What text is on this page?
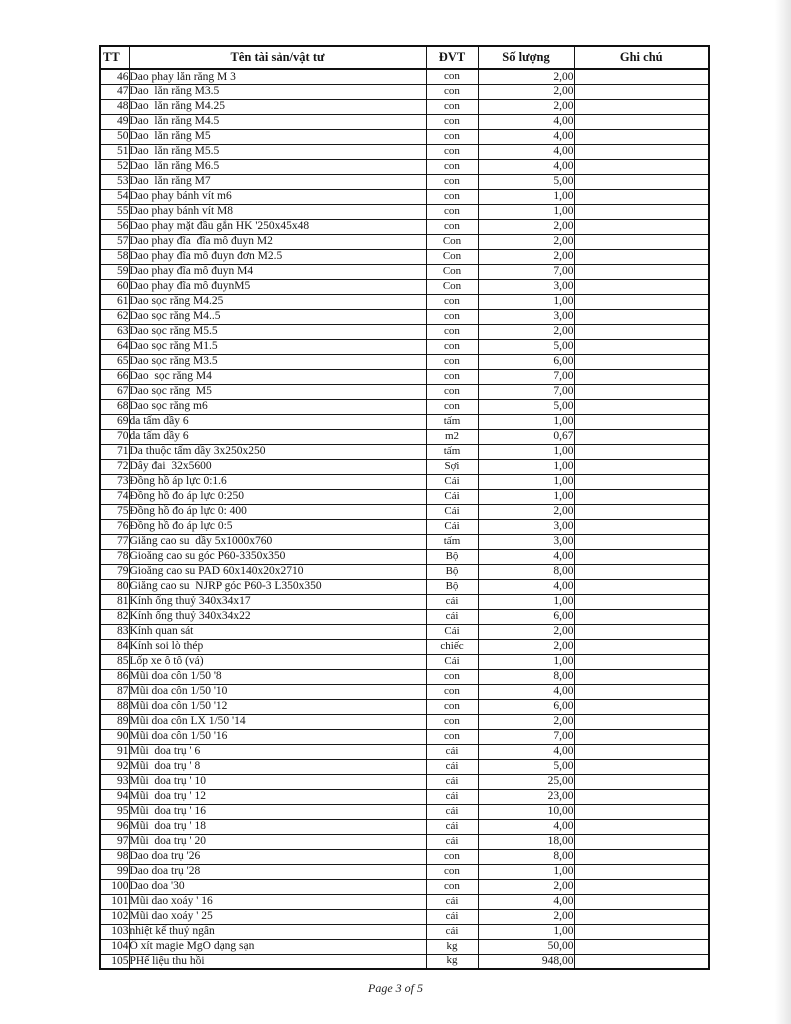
TT	Tên tài sản/vật tư	ĐVT	Số lượng	Ghi chú
46	Dao phay lăn răng M 3	con	2,00	
47	Dao  lăn răng M3.5	con	2,00	
48	Dao  lăn răng M4.25	con	2,00	
49	Dao  lăn răng M4.5	con	4,00	
50	Dao  lăn răng M5	con	4,00	
51	Dao  lăn răng M5.5	con	4,00	
52	Dao  lăn răng M6.5	con	4,00	
53	Dao  lăn răng M7	con	5,00	
54	Dao phay bánh vít m6	con	1,00	
55	Dao phay bánh vít M8	con	1,00	
56	Dao phay mặt đầu gắn HK '250x45x48	con	2,00	
57	Dao phay đĩa  đĩa mô đuyn M2	Con	2,00	
58	Dao phay đĩa mô đuyn đơn M2.5	Con	2,00	
59	Dao phay đĩa mô đuyn M4	Con	7,00	
60	Dao phay đĩa mô đuynM5	Con	3,00	
61	Dao sọc răng M4.25	con	1,00	
62	Dao sọc răng M4..5	con	3,00	
63	Dao sọc răng M5.5	con	2,00	
64	Dao sọc răng M1.5	con	5,00	
65	Dao sọc răng M3.5	con	6,00	
66	Dao  sọc răng M4	con	7,00	
67	Dao sọc răng  M5	con	7,00	
68	Dao sọc răng m6	con	5,00	
69	da tấm dầy 6	tấm	1,00	
70	da tấm dầy 6	m2	0,67	
71	Da thuộc tấm dầy 3x250x250	tấm	1,00	
72	Dây đai  32x5600	Sợi	1,00	
73	Đồng hồ áp lực 0:1.6	Cái	1,00	
74	Đồng hồ đo áp lực 0:250	Cái	1,00	
75	Đồng hồ đo áp lực 0: 400	Cái	2,00	
76	Đồng hồ đo áp lực 0:5	Cái	3,00	
77	Giăng cao su  dầy 5x1000x760	tấm	3,00	
78	Gioăng cao su góc P60-3350x350	Bộ	4,00	
79	Gioăng cao su PAD 60x140x20x2710	Bộ	8,00	
80	Giăng cao su  NJRP góc P60-3 L350x350	Bộ	4,00	
81	Kính ống thuỷ 340x34x17	cái	1,00	
82	Kính ống thuỷ 340x34x22	cái	6,00	
83	Kính quan sát	Cái	2,00	
84	Kính soi lò thép	chiếc	2,00	
85	Lốp xe ô tô (vá)	Cái	1,00	
86	Mũi doa côn 1/50 '8	con	8,00	
87	Mũi doa côn 1/50 '10	con	4,00	
88	Mũi doa côn 1/50 '12	con	6,00	
89	Mũi doa côn LX 1/50 '14	con	2,00	
90	Mũi doa côn 1/50 '16	con	7,00	
91	Mũi  doa trụ ' 6	cái	4,00	
92	Mũi  doa trụ ' 8	cái	5,00	
93	Mũi  doa trụ ' 10	cái	25,00	
94	Mũi  doa trụ ' 12	cái	23,00	
95	Mũi  doa trụ ' 16	cái	10,00	
96	Mũi  doa trụ ' 18	cái	4,00	
97	Mũi  doa trụ ' 20	cái	18,00	
98	Dao doa trụ '26	con	8,00	
99	Dao doa trụ '28	con	1,00	
100	Dao doa '30	con	2,00	
101	Mũi dao xoáy ' 16	cái	4,00	
102	Mũi dao xoáy ' 25	cái	2,00	
103	nhiệt kế thuỷ ngân	cái	1,00	
104	Ô xít magie MgO dạng sạn	kg	50,00	
105	PHế liệu thu hồi	kg	948,00	
Page 3 of 5
